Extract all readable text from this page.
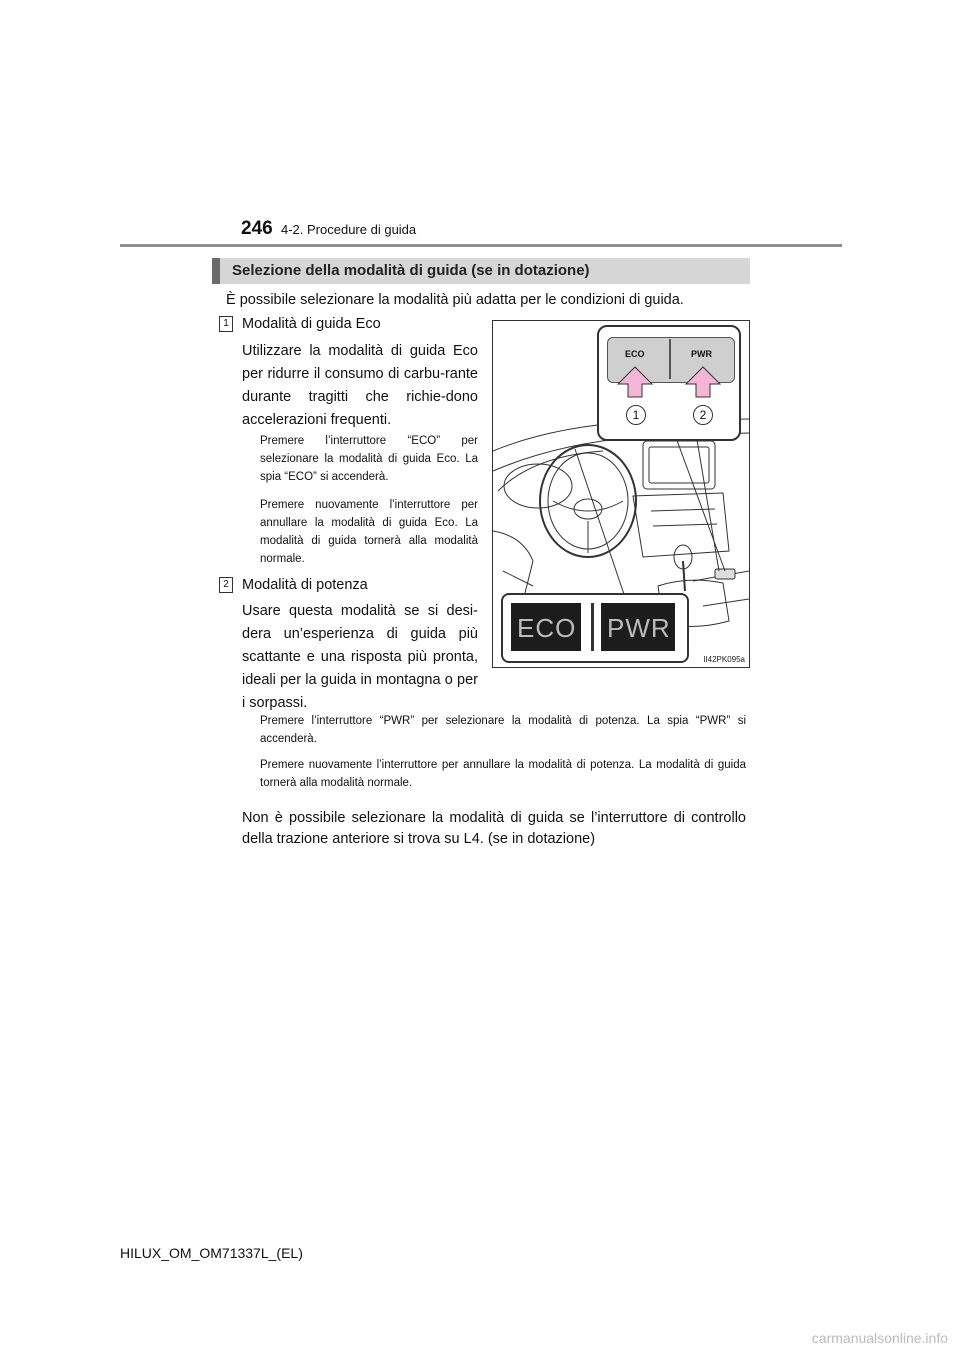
246 4-2. Procedure di guida
Selezione della modalità di guida (se in dotazione)
È possibile selezionare la modalità più adatta per le condizioni di guida.
1 Modalità di guida Eco
Utilizzare la modalità di guida Eco per ridurre il consumo di carbu-rante durante tragitti che richie-dono accelerazioni frequenti.
Premere l’interruttore “ECO” per selezionare la modalità di guida Eco. La spia “ECO” si accenderà.
Premere nuovamente l’interruttore per annullare la modalità di guida Eco. La modalità di guida tornerà alla modalità normale.
2 Modalità di potenza
Usare questa modalità se si desi-dera un’esperienza di guida più scattante e una risposta più pronta, ideali per la guida in montagna o per i sorpassi.
Premere l’interruttore “PWR” per selezionare la modalità di potenza. La spia “PWR” si accenderà.
Premere nuovamente l’interruttore per annullare la modalità di potenza. La modalità di guida tornerà alla modalità normale.
Non è possibile selezionare la modalità di guida se l’interruttore di controllo della trazione anteriore si trova su L4. (se in dotazione)
ECO	PWR
1	2
ECO PWR
II42PK095a
HILUX_OM_OM71337L_(EL)
carmanualsonline.info
